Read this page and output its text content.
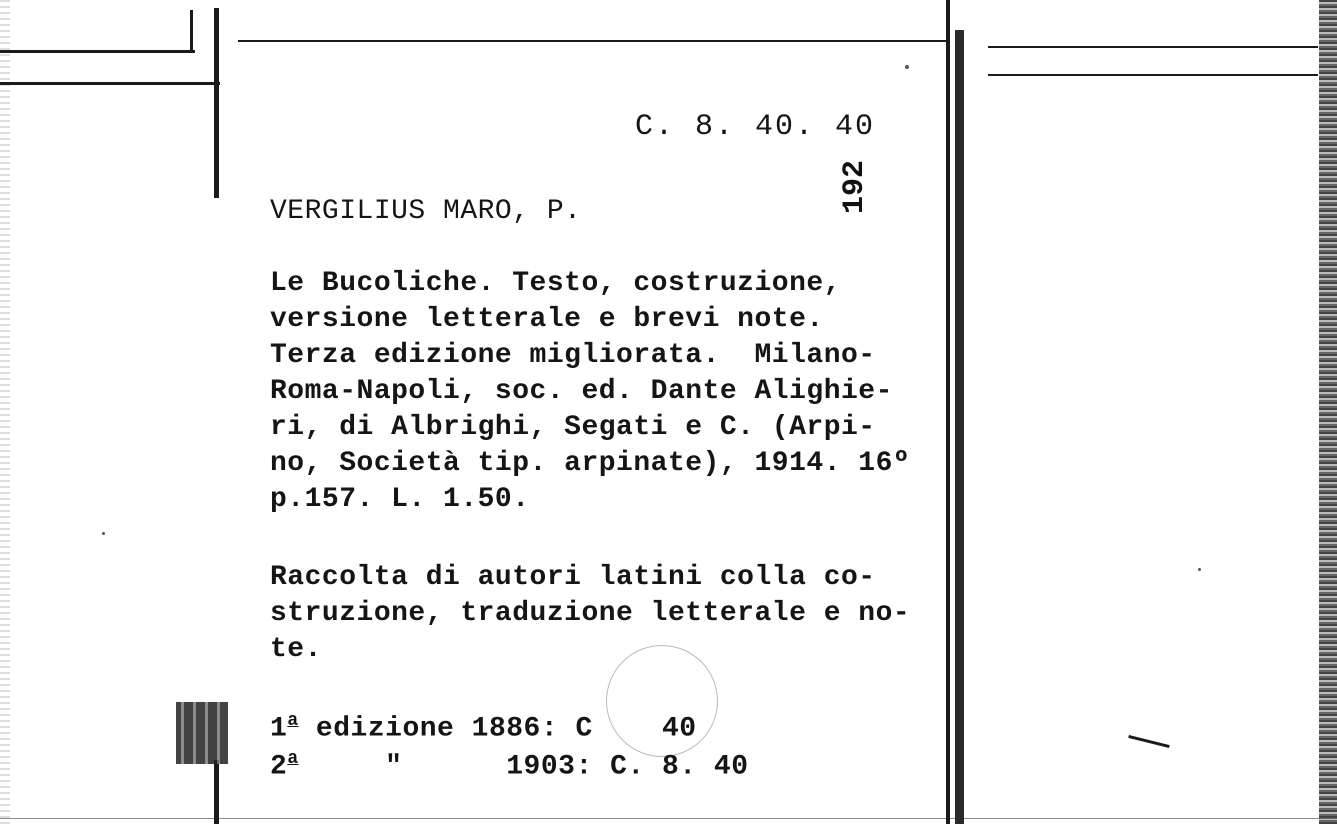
C. 8. 40. 40
VERGILIUS MARO, P.	192
Le Bucoliche. Testo, costruzione,
versione letterale e brevi note.
Terza edizione migliorata.  Milano-
Roma-Napoli, soc. ed. Dante Alighie-
ri, di Albrighi, Segati e C. (Arpi-
no, Società tip. arpinate), 1914. 16º
p.157. L. 1.50.
Raccolta di autori latini colla co-
struzione, traduzione letterale e no-
te.
1$^a$ edizione 1886: C    40
2$^a$     "      1903: C. 8. 40
